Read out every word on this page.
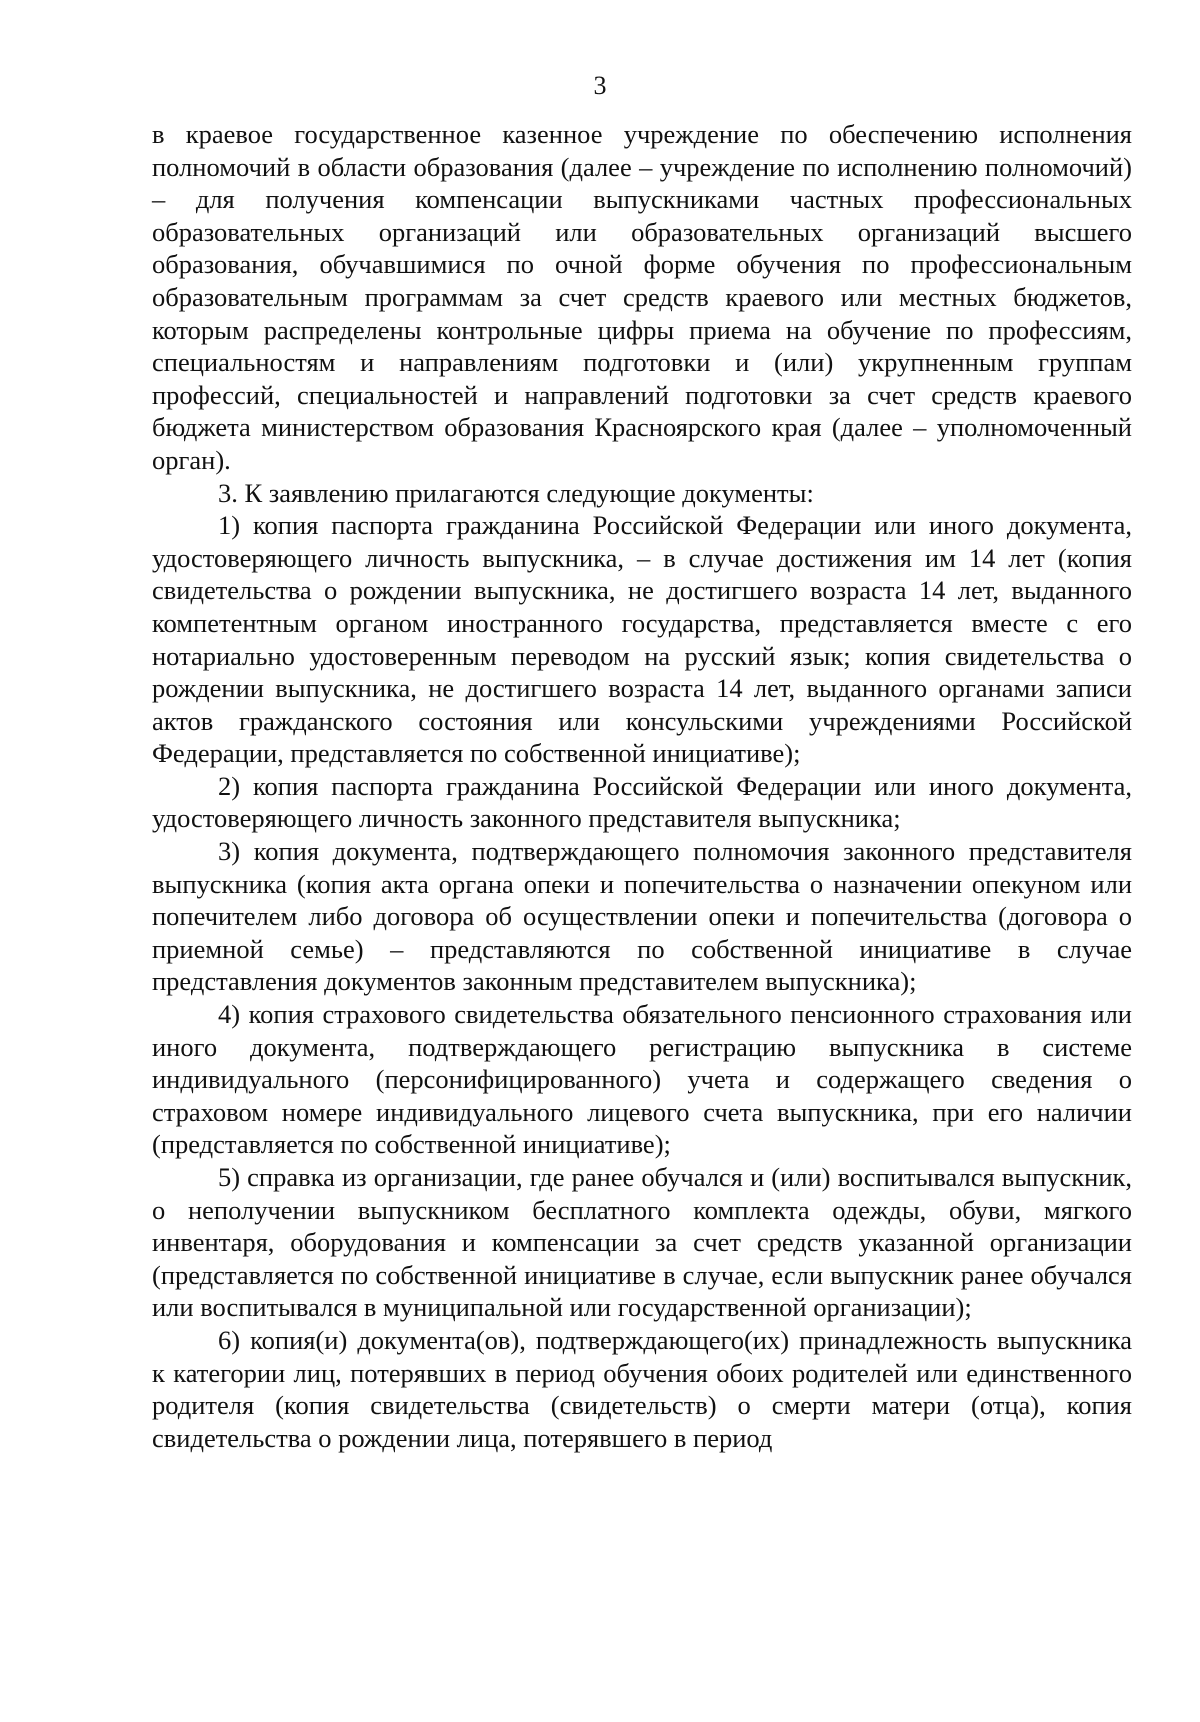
3

в краевое государственное казенное учреждение по обеспечению исполнения полномочий в области образования (далее – учреждение по исполнению полномочий) – для получения компенсации выпускниками частных профессиональных образовательных организаций или образовательных организаций высшего образования, обучавшимися по очной форме обучения по профессиональным образовательным программам за счет средств краевого или местных бюджетов, которым распределены контрольные цифры приема на обучение по профессиям, специальностям и направлениям подготовки и (или) укрупненным группам профессий, специальностей и направлений подготовки за счет средств краевого бюджета министерством образования Красноярского края (далее – уполномоченный орган).

3. К заявлению прилагаются следующие документы:

1) копия паспорта гражданина Российской Федерации или иного документа, удостоверяющего личность выпускника, – в случае достижения им 14 лет (копия свидетельства о рождении выпускника, не достигшего возраста 14 лет, выданного компетентным органом иностранного государства, представляется вместе с его нотариально удостоверенным переводом на русский язык; копия свидетельства о рождении выпускника, не достигшего возраста 14 лет, выданного органами записи актов гражданского состояния или консульскими учреждениями Российской Федерации, представляется по собственной инициативе);

2) копия паспорта гражданина Российской Федерации или иного документа, удостоверяющего личность законного представителя выпускника;

3) копия документа, подтверждающего полномочия законного представителя выпускника (копия акта органа опеки и попечительства о назначении опекуном или попечителем либо договора об осуществлении опеки и попечительства (договора о приемной семье) – представляются по собственной инициативе в случае представления документов законным представителем выпускника);

4) копия страхового свидетельства обязательного пенсионного страхования или иного документа, подтверждающего регистрацию выпускника в системе индивидуального (персонифицированного) учета и содержащего сведения о страховом номере индивидуального лицевого счета выпускника, при его наличии (представляется по собственной инициативе);

5) справка из организации, где ранее обучался и (или) воспитывался выпускник, о неполучении выпускником бесплатного комплекта одежды, обуви, мягкого инвентаря, оборудования и компенсации за счет средств указанной организации (представляется по собственной инициативе в случае, если выпускник ранее обучался или воспитывался в муниципальной или государственной организации);

6) копия(и) документа(ов), подтверждающего(их) принадлежность выпускника к категории лиц, потерявших в период обучения обоих родителей или единственного родителя (копия свидетельства (свидетельств) о смерти матери (отца), копия свидетельства о рождении лица, потерявшего в период
